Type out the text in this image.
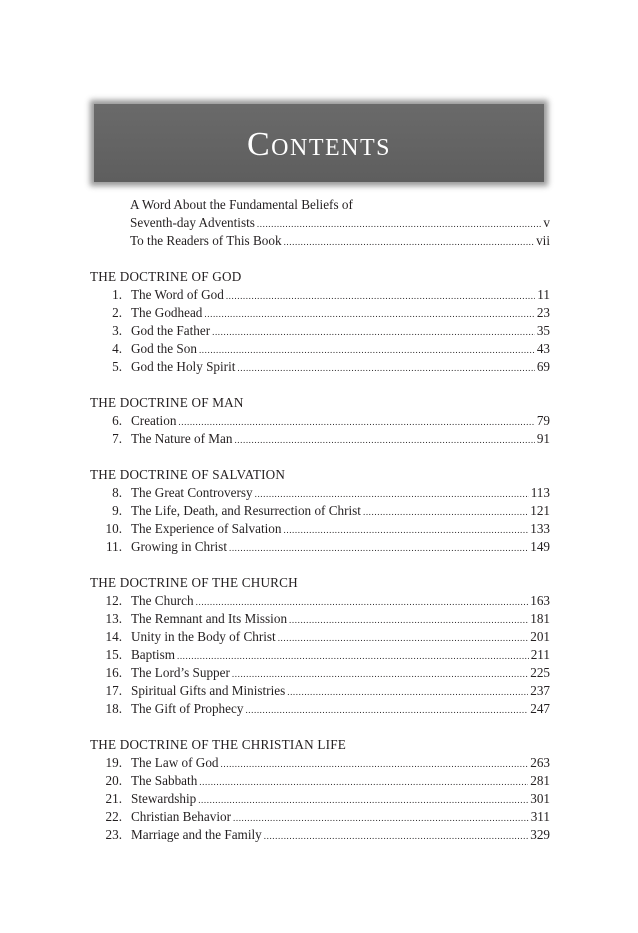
Contents
A Word About the Fundamental Beliefs of
Seventh-day Adventists .....	v
To the Readers of This Book .....	vii
THE DOCTRINE OF GOD
1. The Word of God .....	11
2. The Godhead .....	23
3. God the Father .....	35
4. God the Son .....	43
5. God the Holy Spirit .....	69
THE DOCTRINE OF MAN
6. Creation .....	79
7. The Nature of Man .....	91
THE DOCTRINE OF SALVATION
8. The Great Controversy .....	113
9. The Life, Death, and Resurrection of Christ .....	121
10. The Experience of Salvation .....	133
11. Growing in Christ .....	149
THE DOCTRINE OF THE CHURCH
12. The Church .....	163
13. The Remnant and Its Mission .....	181
14. Unity in the Body of Christ .....	201
15. Baptism .....	211
16. The Lord’s Supper .....	225
17. Spiritual Gifts and Ministries .....	237
18. The Gift of Prophecy .....	247
THE DOCTRINE OF THE CHRISTIAN LIFE
19. The Law of God .....	263
20. The Sabbath .....	281
21. Stewardship .....	301
22. Christian Behavior .....	311
23. Marriage and the Family .....	329
